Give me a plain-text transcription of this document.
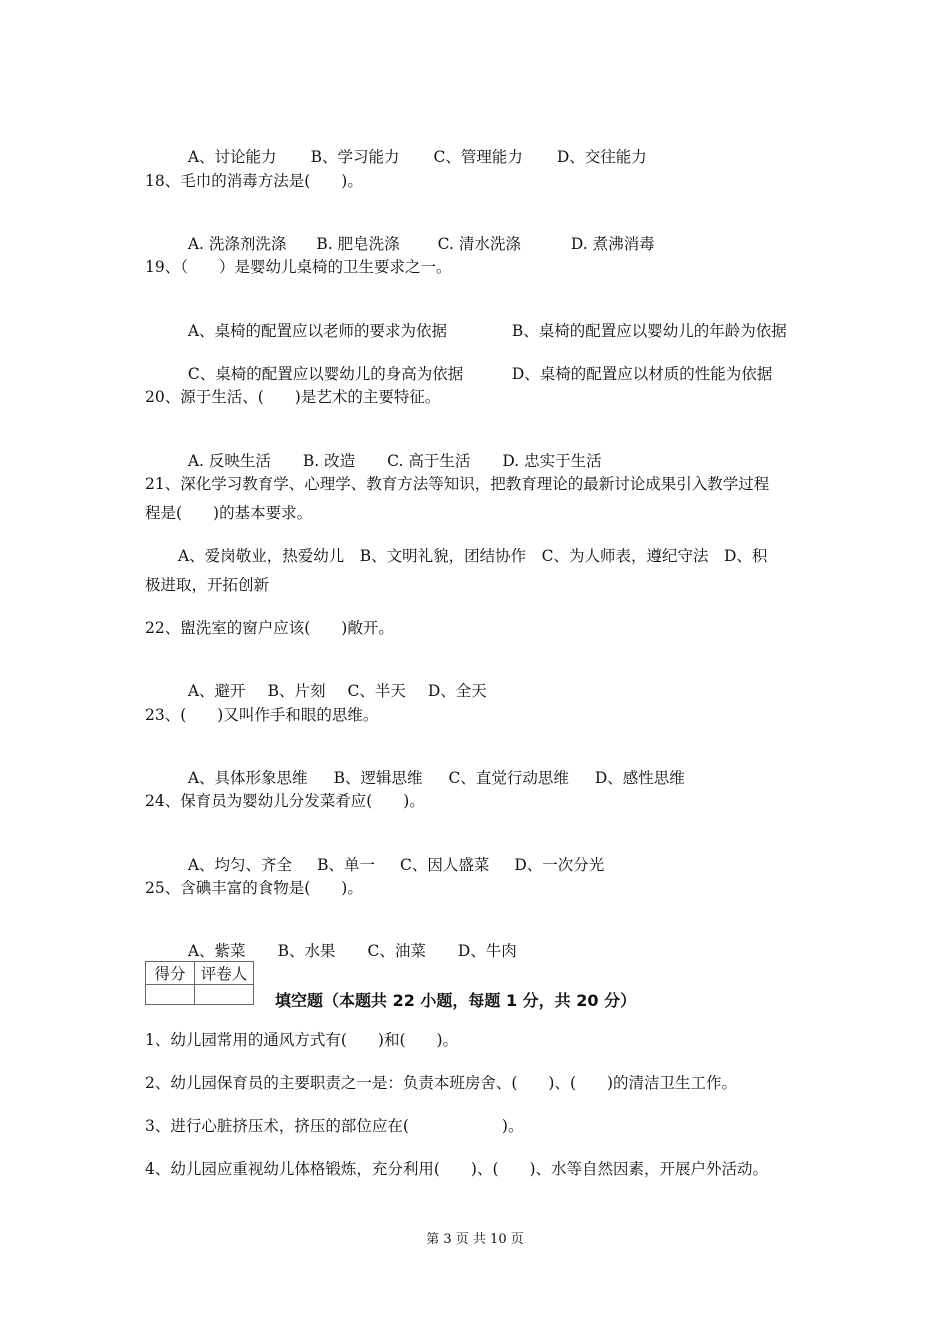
A、讨论能力 B、学习能力 C、管理能力 D、交往能力

18、毛巾的消毒方法是(　　)。

A. 洗涤剂洗涤 B. 肥皂洗涤 C. 清水洗涤	D. 煮沸消毒

19、（　　）是婴幼儿桌椅的卫生要求之一。

A、桌椅的配置应以老师的要求为依据	B、桌椅的配置应以婴幼儿的年龄为依据

C、桌椅的配置应以婴幼儿的身高为依据	D、桌椅的配置应以材质的性能为依据

20、源于生活、(　　)是艺术的主要特征。

A. 反映生活 B. 改造 C. 高于生活 D. 忠实于生活

21、深化学习教育学、心理学、教育方法等知识，把教育理论的最新讨论成果引入教学过程
程是(　　)的基本要求。
A、爱岗敬业，热爱幼儿　B、文明礼貌，团结协作　C、为人师表，遵纪守法　D、积
极进取，开拓创新
22、盥洗室的窗户应该(　　)敞开。

A、避开 B、片刻 C、半天 D、全天

23、(　　)又叫作手和眼的思维。

A、具体形象思维 B、逻辑思维 C、直觉行动思维 D、感性思维

24、保育员为婴幼儿分发菜肴应(　　)。

A、均匀、齐全 B、单一 C、因人盛菜 D、一次分光

25、含碘丰富的食物是(　　)。

A、紫菜 B、水果 C、油菜 D、牛肉

得分	评卷人

填空题（本题共 22 小题，每题 1 分，共 20 分）
1、幼儿园常用的通风方式有(　　)和(　　)。
2、幼儿园保育员的主要职责之一是：负责本班房舍、(　　)、(　　)的清洁卫生工作。
3、进行心脏挤压术，挤压的部位应在(　　　　　　)。
4、幼儿园应重视幼儿体格锻炼，充分利用(　　)、(　　)、水等自然因素，开展户外活动。
第 3 页 共 10 页
